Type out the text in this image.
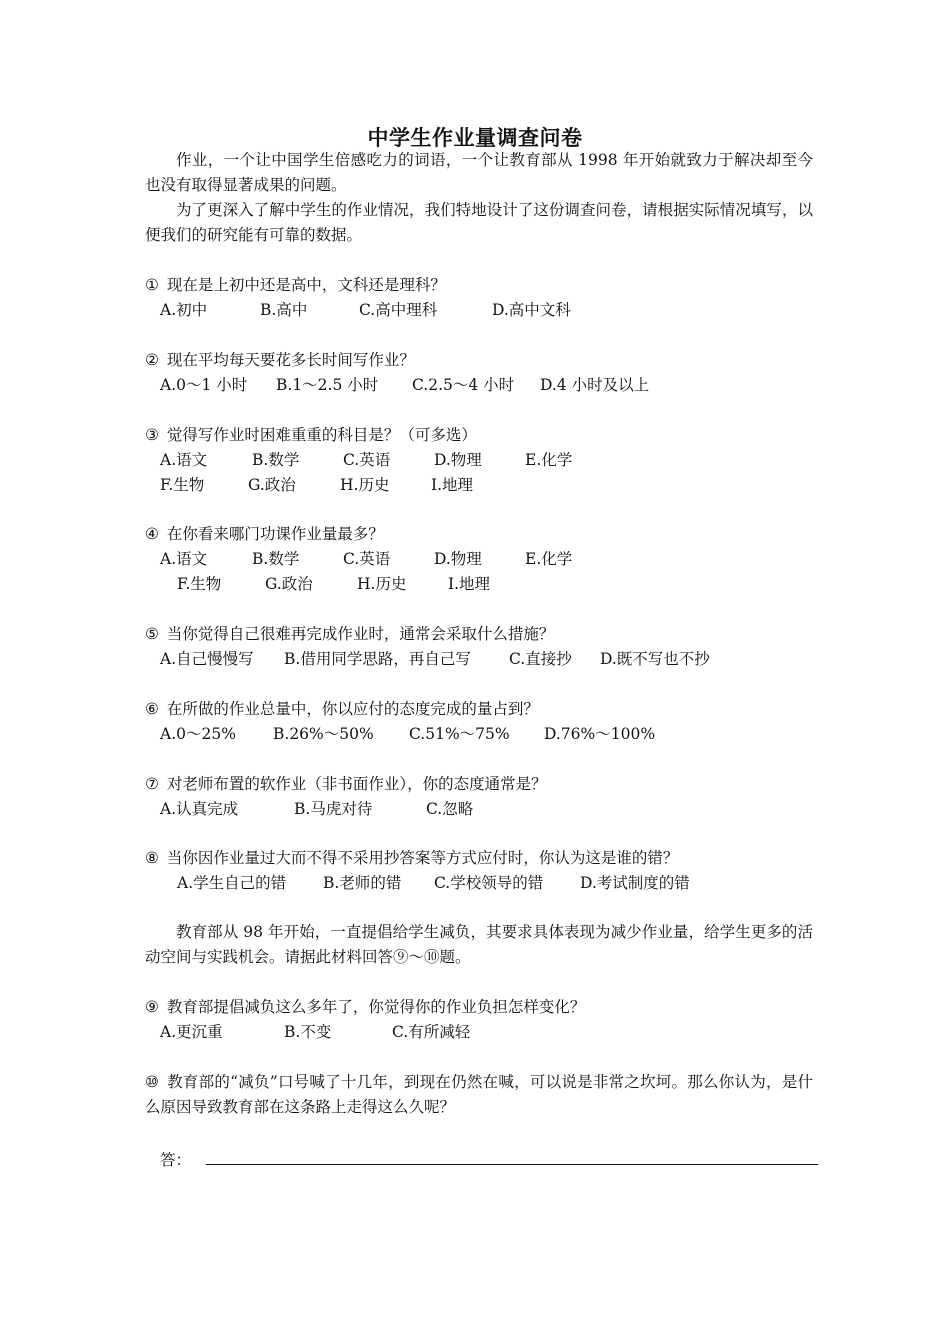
中学生作业量调查问卷
作业，一个让中国学生倍感吃力的词语，一个让教育部从 1998 年开始就致力于解决却至今也没有取得显著成果的问题。
为了更深入了解中学生的作业情况，我们特地设计了这份调查问卷，请根据实际情况填写，以便我们的研究能有可靠的数据。
① 现在是上初中还是高中，文科还是理科？
A.初中	B.高中	C.高中理科	D.高中文科
② 现在平均每天要花多长时间写作业？
A.0～1 小时 B.1～2.5 小时 C.2.5～4 小时 D.4 小时及以上
③ 觉得写作业时困难重重的科目是？（可多选）
A.语文	B.数学	C.英语	D.物理	E.化学
F.生物	G.政治	H.历史	I.地理
④ 在你看来哪门功课作业量最多？
A.语文	B.数学	C.英语	D.物理	E.化学
F.生物	G.政治	H.历史	I.地理
⑤ 当你觉得自己很难再完成作业时，通常会采取什么措施？
A.自己慢慢写 B.借用同学思路，再自己写 C.直接抄 D.既不写也不抄
⑥ 在所做的作业总量中，你以应付的态度完成的量占到？
A.0～25% B.26%～50% C.51%～75% D.76%～100%
⑦ 对老师布置的软作业（非书面作业），你的态度通常是？
A.认真完成	B.马虎对待	C.忽略
⑧ 当你因作业量过大而不得不采用抄答案等方式应付时，你认为这是谁的错？
A.学生自己的错 B.老师的错 C.学校领导的错 D.考试制度的错
教育部从 98 年开始，一直提倡给学生减负，其要求具体表现为减少作业量，给学生更多的活动空间与实践机会。请据此材料回答⑨～⑩题。
⑨ 教育部提倡减负这么多年了，你觉得你的作业负担怎样变化？
A.更沉重	B.不变	C.有所减轻
⑩ 教育部的“减负”口号喊了十几年，到现在仍然在喊，可以说是非常之坎坷。那么你认为，是什么原因导致教育部在这条路上走得这么久呢？
答：
